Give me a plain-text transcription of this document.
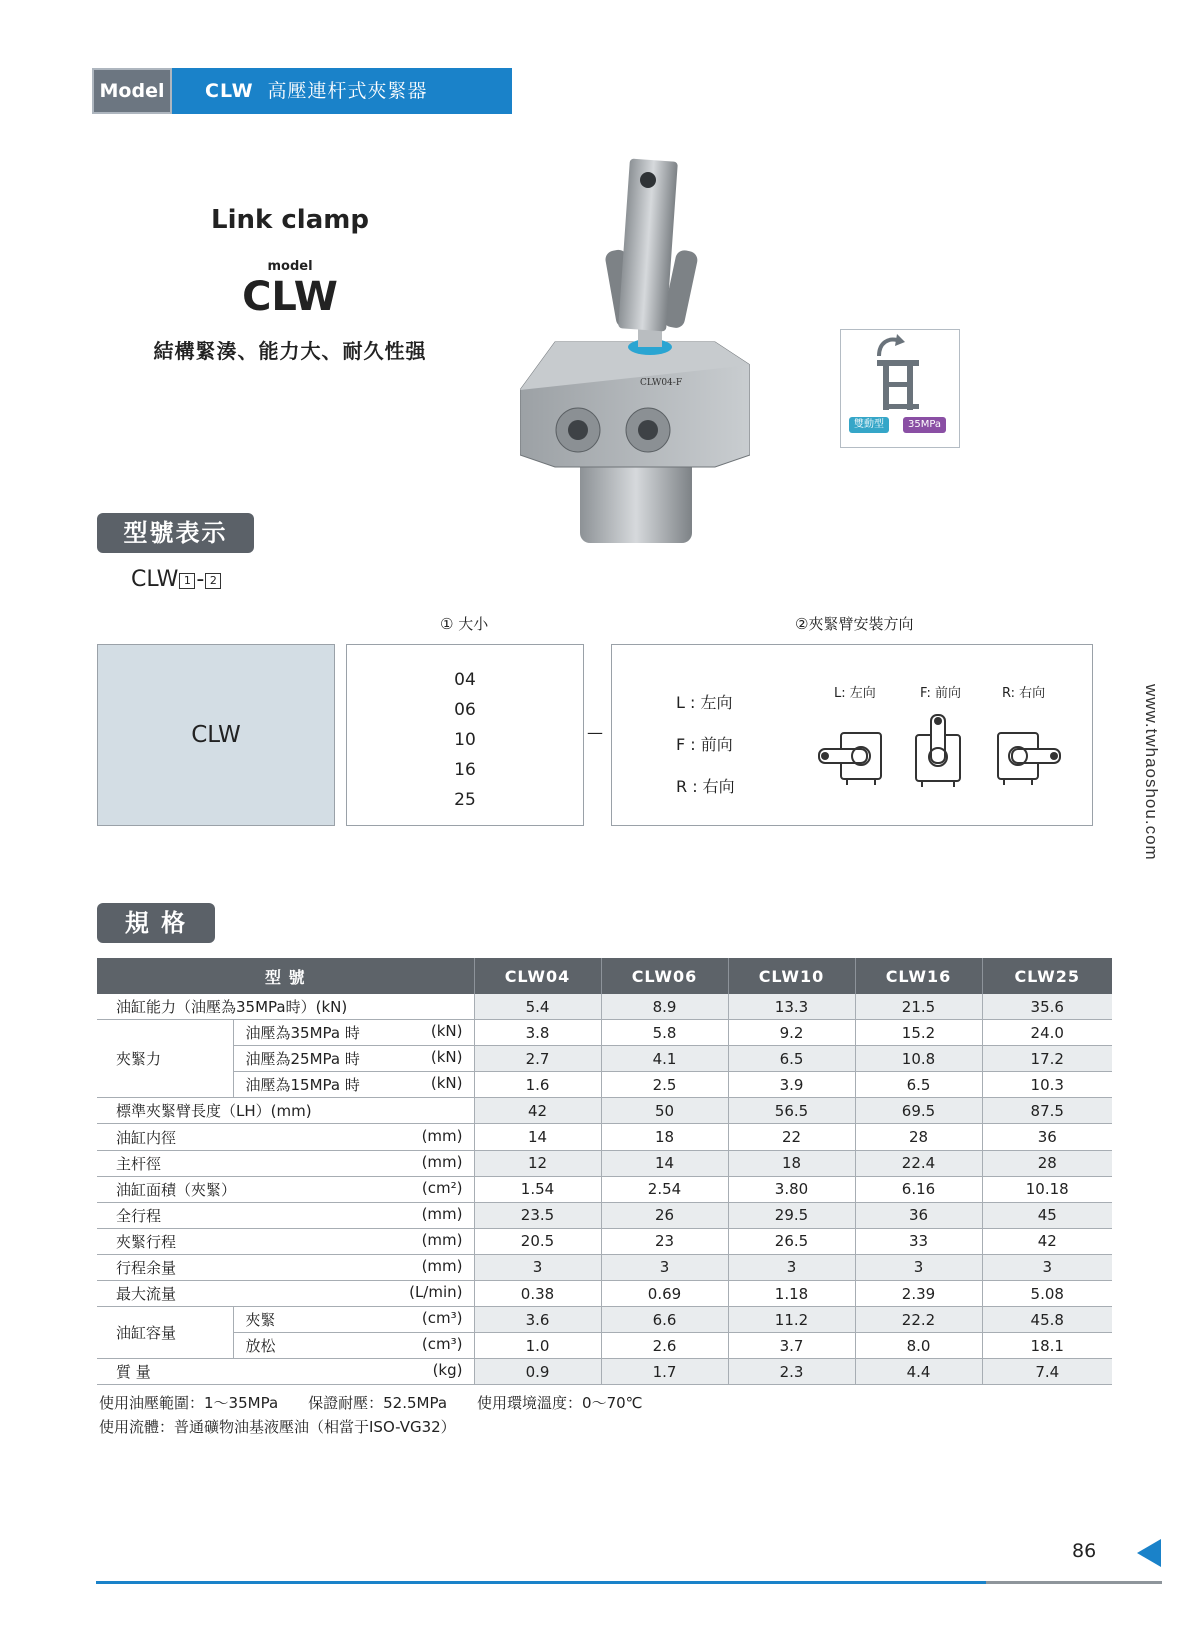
Model	CLW 高壓連杆式夾緊器
Link clamp
model
CLW
結構緊湊、能力大、耐久性强
CLW04-F
雙動型	35MPa
型號表示
CLW 1 - 2
① 大小	②夾緊臂安裝方向
CLW
04
06
10
16
25
—
L : 左向
F : 前向
R : 右向
L: 左向	F: 前向	R: 右向	www.twhaoshou.com
規 格
型 號		CLW04	CLW06	CLW10	CLW16	CLW25

油缸能力（油壓為35MPa時）(kN)		5.4	8.9	13.3	21.5	35.6
夾緊力	油壓為35MPa 時 (kN)	3.8	5.8	9.2	15.2	24.0

	油壓為25MPa 時 (kN)	2.7	4.1	6.5	10.8	17.2

	油壓為15MPa 時 (kN)	1.6	2.5	3.9	6.5	10.3

標準夾緊臂長度（LH）(mm)		42	50	56.5	69.5	87.5

油缸内徑 (mm)		14	18	22	28	36

主杆徑 (mm)		12	14	18	22.4	28

油缸面積（夾緊） (cm²)		1.54	2.54	3.80	6.16	10.18

全行程 (mm)		23.5	26	29.5	36	45

夾緊行程 (mm)		20.5	23	26.5	33	42

行程余量 (mm)		3	3	3	3	3

最大流量 (L/min)		0.38	0.69	1.18	2.39	5.08
油缸容量	夾緊 (cm³)	3.6	6.6	11.2	22.2	45.8

	放松 (cm³)	1.0	2.6	3.7	8.0	18.1

質 量 (kg)		0.9	1.7	2.3	4.4	7.4
使用油壓範圍：1～35MPa　　保證耐壓：52.5MPa　　使用環境溫度：0～70℃
使用流體：普通礦物油基液壓油（相當于ISO-VG32）
86
